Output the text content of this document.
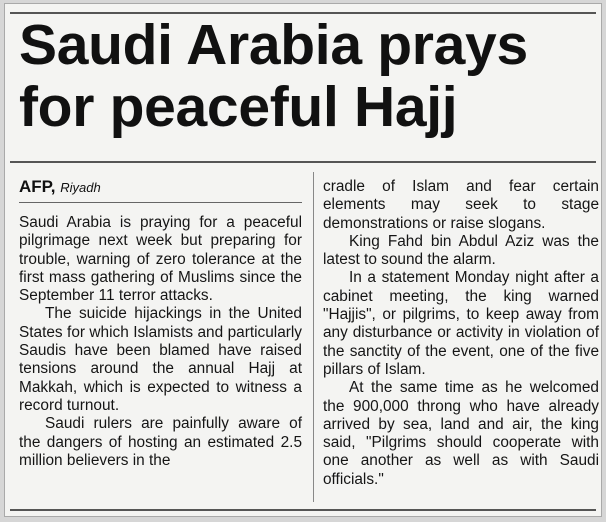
Saudi Arabia prays
for peaceful Hajj
AFP, Riyadh

Saudi Arabia is praying for a peaceful pilgrimage next week but preparing for trouble, warning of zero tolerance at the first mass gathering of Muslims since the September 11 terror attacks.

The suicide hijackings in the United States for which Islamists and particularly Saudis have been blamed have raised tensions around the annual Hajj at Makkah, which is expected to witness a record turnout.

Saudi rulers are painfully aware of the dangers of hosting an estimated 2.5 million believers in the

cradle of Islam and fear certain elements may seek to stage demonstrations or raise slogans.

King Fahd bin Abdul Aziz was the latest to sound the alarm.

In a statement Monday night after a cabinet meeting, the king warned "Hajjis", or pilgrims, to keep away from any disturbance or activity in violation of the sanctity of the event, one of the five pillars of Islam.

At the same time as he welcomed the 900,000 throng who have already arrived by sea, land and air, the king said, "Pilgrims should cooperate with one another as well as with Saudi officials."
